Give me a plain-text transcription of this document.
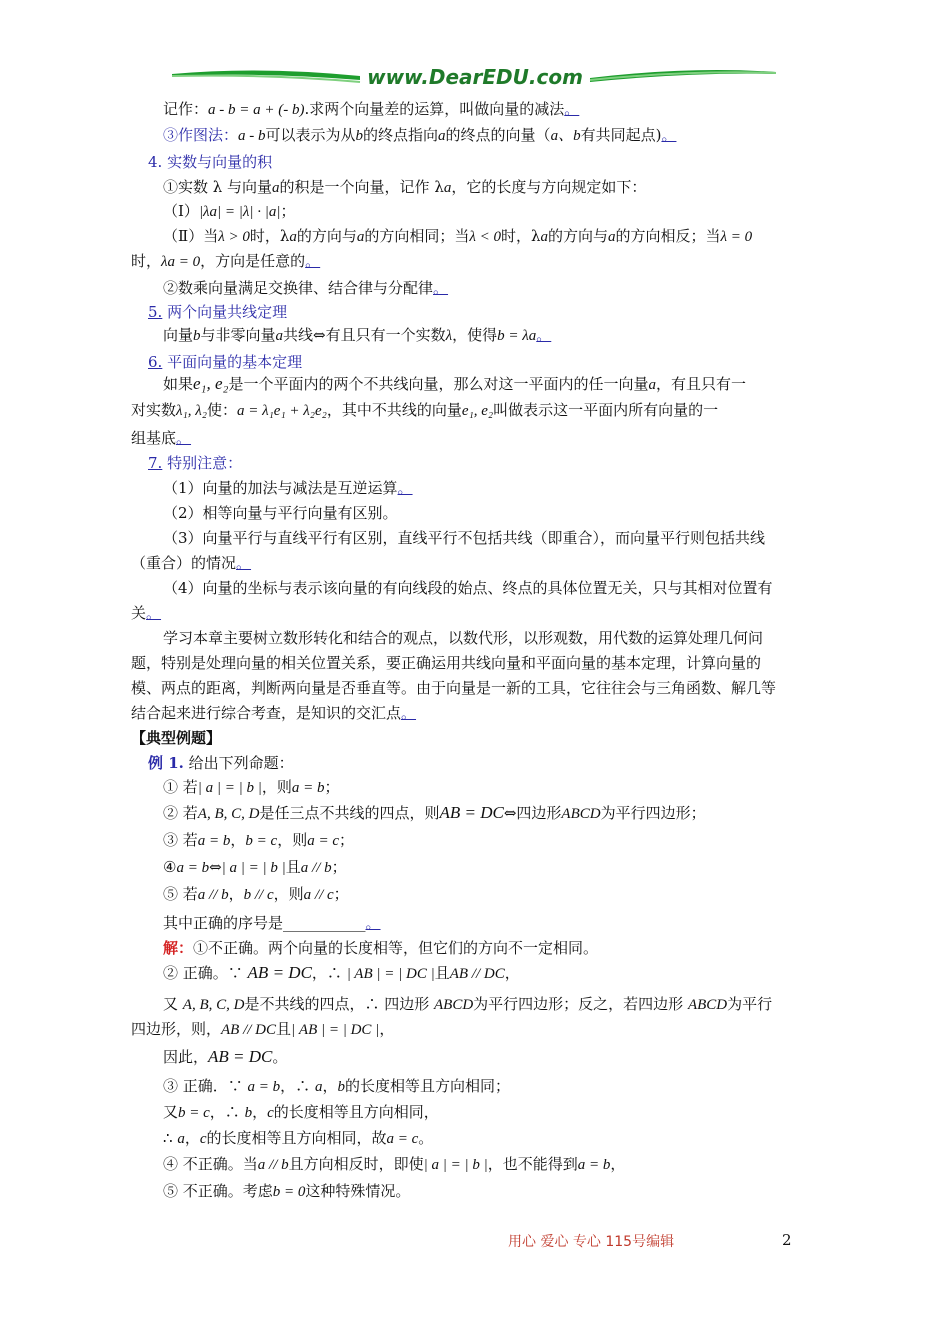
www.DearEDU.com
记作：a - b = a + (- b).求两个向量差的运算，叫做向量的减法。
③作图法：a - b可以表示为从b的终点指向a的终点的向量（a、b有共同起点)。
4. 实数与向量的积
①实数 λ 与向量a的积是一个向量，记作 λa，它的长度与方向规定如下：
（Ⅰ）|λa| = |λ| · |a|；
（Ⅱ）当λ > 0时，λa的方向与a的方向相同；当λ < 0时，λa的方向与a的方向相反；当λ = 0
时，λa = 0，方向是任意的。
②数乘向量满足交换律、结合律与分配律。
5. 两个向量共线定理
向量b与非零向量a共线⇔有且只有一个实数λ，使得b = λa。
6. 平面向量的基本定理
如果e₁, e₂是一个平面内的两个不共线向量，那么对这一平面内的任一向量a，有且只有一
对实数λ₁, λ₂使：a = λ₁e₁ + λ₂e₂，其中不共线的向量e₁, e₂叫做表示这一平面内所有向量的一
组基底。
7. 特别注意：
（1）向量的加法与减法是互逆运算。
（2）相等向量与平行向量有区别。
（3）向量平行与直线平行有区别，直线平行不包括共线（即重合），而向量平行则包括共线
（重合）的情况。
（4）向量的坐标与表示该向量的有向线段的始点、终点的具体位置无关，只与其相对位置有
关。
学习本章主要树立数形转化和结合的观点，以数代形，以形观数，用代数的运算处理几何问
题，特别是处理向量的相关位置关系，要正确运用共线向量和平面向量的基本定理，计算向量的
模、两点的距离，判断两向量是否垂直等。由于向量是一新的工具，它往往会与三角函数、解几等
结合起来进行综合考查，是知识的交汇点。
【典型例题】
例 1. 给出下列命题：
① 若| a | = | b |，则a = b；
② 若A, B, C, D是任三点不共线的四点，则AB = DC⇔四边形ABCD为平行四边形；
③ 若a = b，b = c，则a = c；
④a = b⇔| a | = | b |且a // b；
⑤ 若a // b，b // c，则a // c；
其中正确的序号是___________。
解：①不正确。两个向量的长度相等，但它们的方向不一定相同。
② 正确。∵ AB = DC，∴ | AB | = | DC |且AB // DC，
又 A, B, C, D是不共线的四点，∴ 四边形 ABCD为平行四边形；反之，若四边形 ABCD为平行
四边形，则，AB // DC且| AB | = | DC |，
因此，AB = DC。
③ 正确．∵ a = b，∴ a，b的长度相等且方向相同；
又b = c，∴ b，c的长度相等且方向相同，
∴ a，c的长度相等且方向相同，故a = c。
④ 不正确。当a // b且方向相反时，即使| a | = | b |，也不能得到a = b，
⑤ 不正确。考虑b = 0这种特殊情况。
用心 爱心 专心 115号编辑	2
